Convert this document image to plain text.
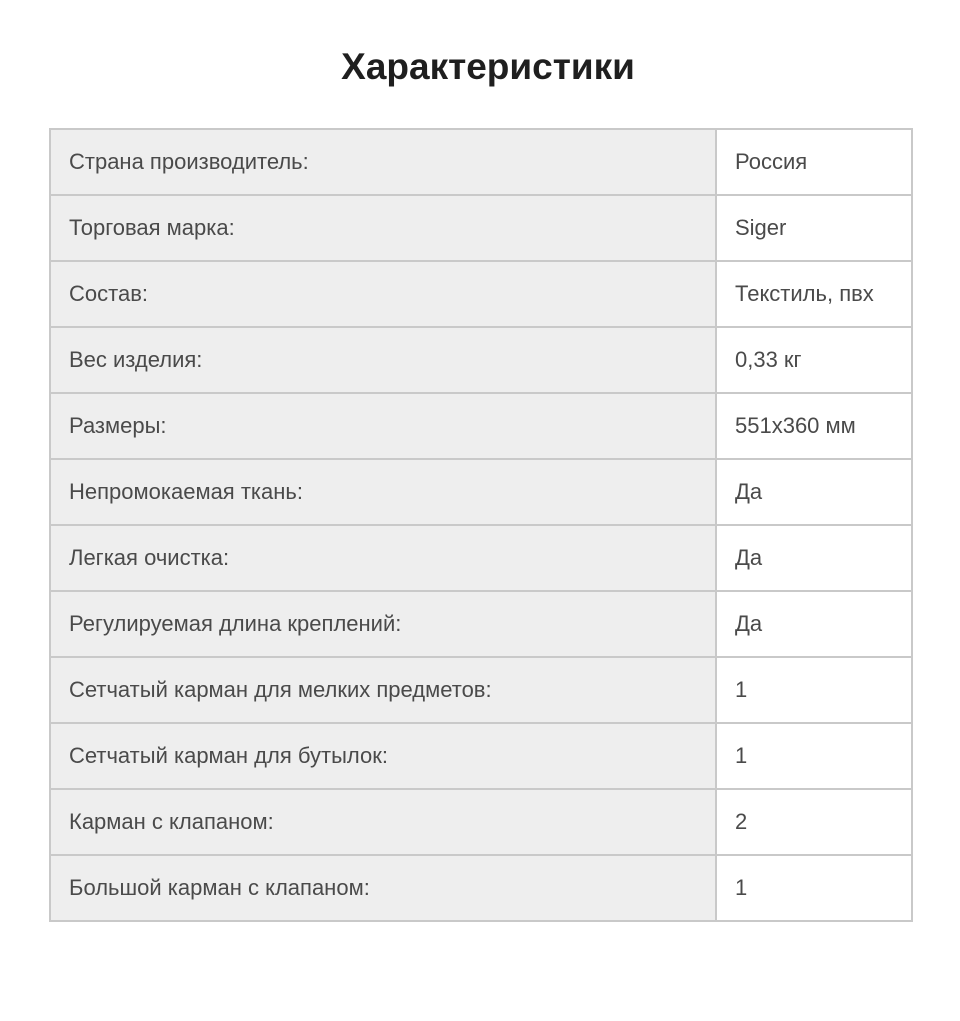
Характеристики
Страна производитель:	Россия
Торговая марка:	Siger
Состав:	Текстиль, пвх
Вес изделия:	0,33 кг
Размеры:	551х360 мм
Непромокаемая ткань:	Да
Легкая очистка:	Да
Регулируемая длина креплений:	Да
Сетчатый карман для мелких предметов:	1
Сетчатый карман для бутылок:	1
Карман с клапаном:	2
Большой карман с клапаном:	1
